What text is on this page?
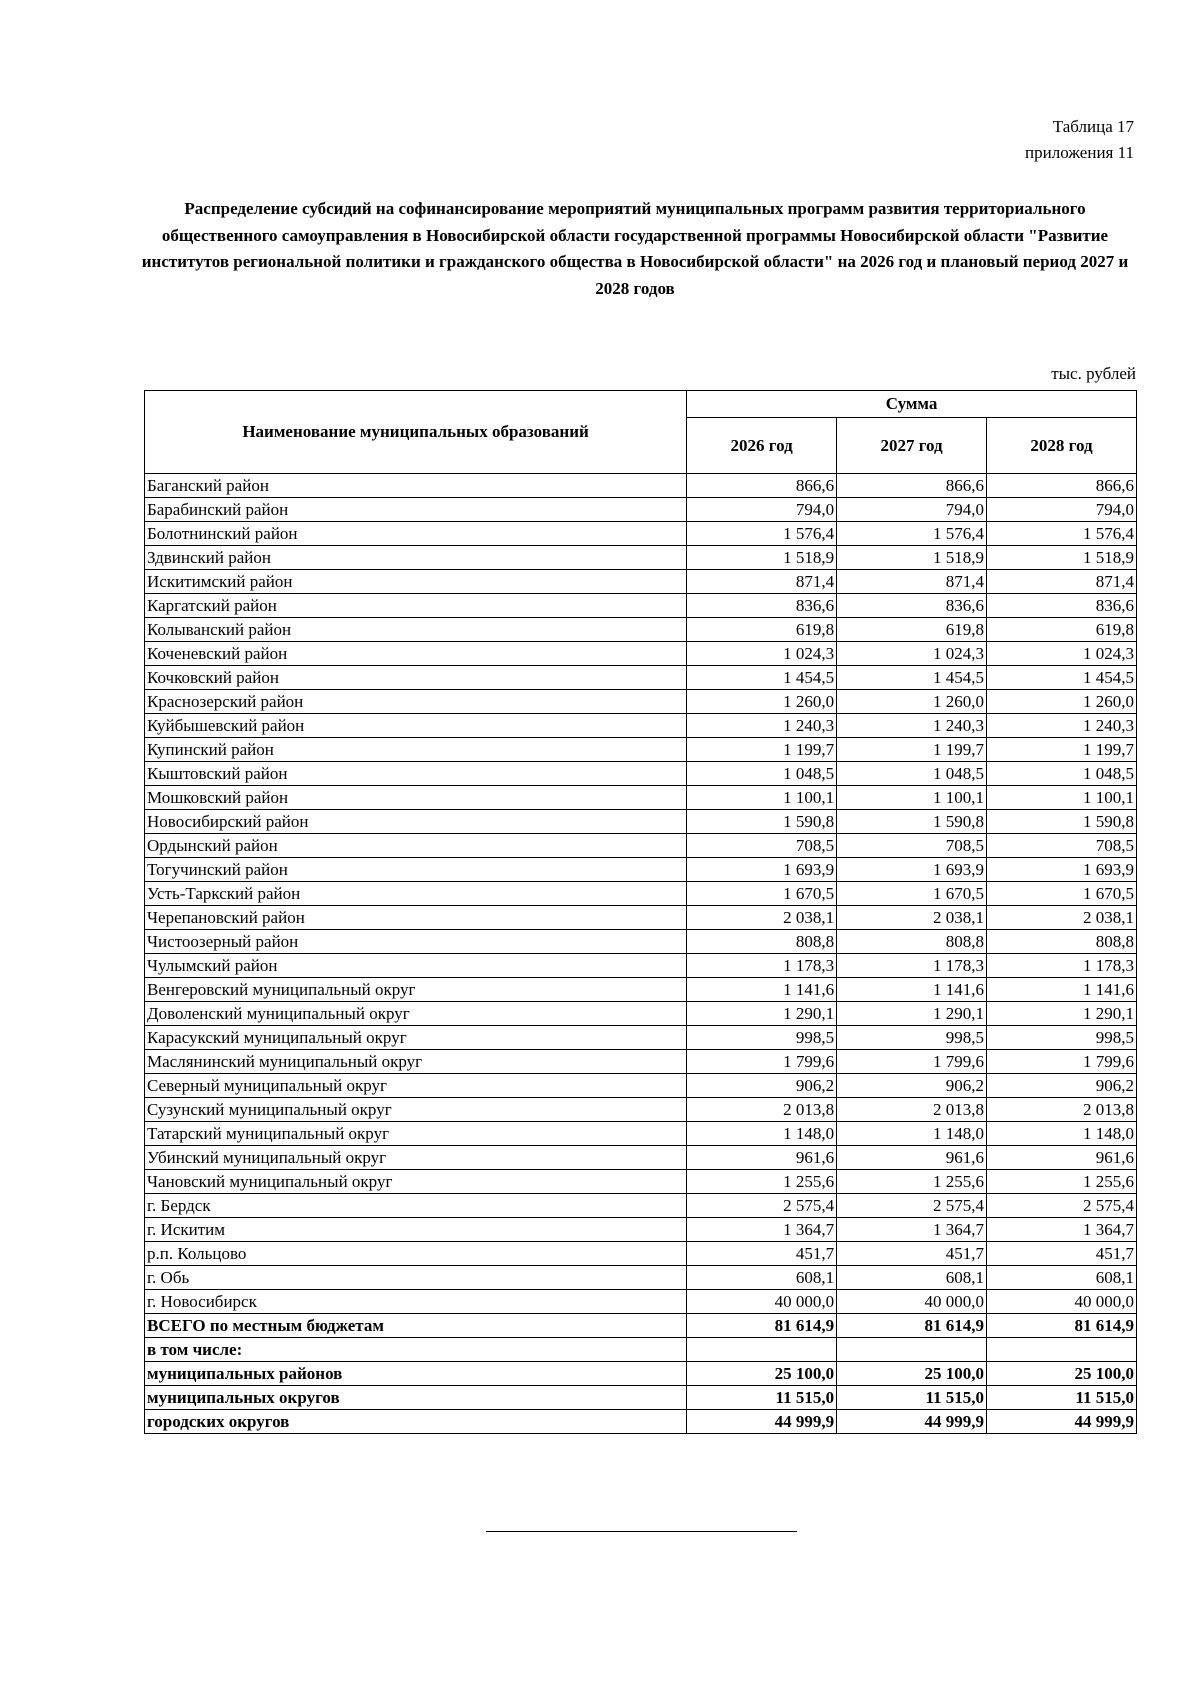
Таблица 17
приложения 11
Распределение субсидий на софинансирование мероприятий муниципальных программ развития территориального общественного самоуправления в Новосибирской области государственной программы Новосибирской области "Развитие институтов региональной политики и гражданского общества в Новосибирской области" на 2026 год и плановый период 2027 и 2028 годов
тыс. рублей
Наименование муниципальных образований	Сумма		
	2026 год	2027 год	2028 год
Баганский район	866,6	866,6	866,6
Барабинский район	794,0	794,0	794,0
Болотнинский район	1 576,4	1 576,4	1 576,4
Здвинский район	1 518,9	1 518,9	1 518,9
Искитимский район	871,4	871,4	871,4
Каргатский район	836,6	836,6	836,6
Колыванский район	619,8	619,8	619,8
Коченевский район	1 024,3	1 024,3	1 024,3
Кочковский район	1 454,5	1 454,5	1 454,5
Краснозерский район	1 260,0	1 260,0	1 260,0
Куйбышевский район	1 240,3	1 240,3	1 240,3
Купинский район	1 199,7	1 199,7	1 199,7
Кыштовский район	1 048,5	1 048,5	1 048,5
Мошковский район	1 100,1	1 100,1	1 100,1
Новосибирский район	1 590,8	1 590,8	1 590,8
Ордынский район	708,5	708,5	708,5
Тогучинский район	1 693,9	1 693,9	1 693,9
Усть-Таркский район	1 670,5	1 670,5	1 670,5
Черепановский район	2 038,1	2 038,1	2 038,1
Чистоозерный район	808,8	808,8	808,8
Чулымский район	1 178,3	1 178,3	1 178,3
Венгеровский муниципальный округ	1 141,6	1 141,6	1 141,6
Доволенский муниципальный округ	1 290,1	1 290,1	1 290,1
Карасукский муниципальный округ	998,5	998,5	998,5
Маслянинский муниципальный округ	1 799,6	1 799,6	1 799,6
Северный муниципальный округ	906,2	906,2	906,2
Сузунский муниципальный округ	2 013,8	2 013,8	2 013,8
Татарский муниципальный округ	1 148,0	1 148,0	1 148,0
Убинский муниципальный округ	961,6	961,6	961,6
Чановский муниципальный округ	1 255,6	1 255,6	1 255,6
г. Бердск	2 575,4	2 575,4	2 575,4
г. Искитим	1 364,7	1 364,7	1 364,7
р.п. Кольцово	451,7	451,7	451,7
г. Обь	608,1	608,1	608,1
г. Новосибирск	40 000,0	40 000,0	40 000,0
ВСЕГО по местным бюджетам	81 614,9	81 614,9	81 614,9
в том числе:			
муниципальных районов	25 100,0	25 100,0	25 100,0
муниципальных округов	11 515,0	11 515,0	11 515,0
городских округов	44 999,9	44 999,9	44 999,9
